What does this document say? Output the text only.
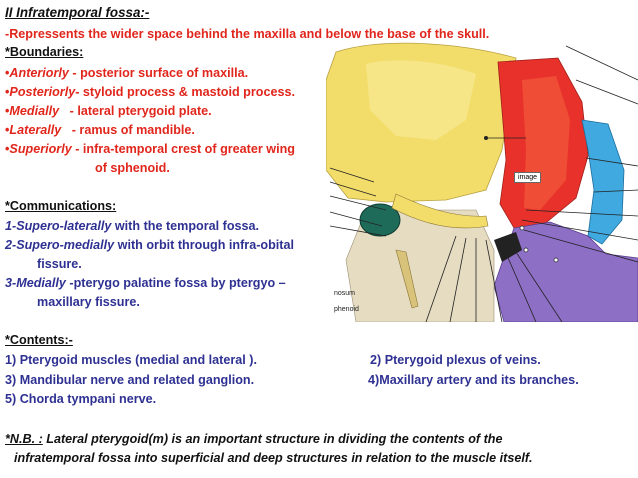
image
nosum
phenoid
II Infratemporal fossa:-
-Repressents the wider space behind the maxilla and below the base of the skull.
*Boundaries:
•Anteriorly - posterior surface of maxilla.
•Posteriorly- styloid process & mastoid process.
•Medially   - lateral pterygoid plate.
•Laterally   - ramus of mandible.
•Superiorly - infra-temporal crest of greater wing
of sphenoid.
*Communications:
1-Supero-laterally with the temporal fossa.
2-Supero-medially with orbit through infra-obital
fissure.
3-Medially -pterygo palatine fossa by ptergyo –
maxillary fissure.
*Contents:-
1) Pterygoid muscles (medial and lateral ).	2) Pterygoid plexus of veins.
3) Mandibular nerve and related ganglion.	4)Maxillary artery and its branches.
5) Chorda tympani nerve.
*N.B. : Lateral pterygoid(m) is an important structure in dividing the contents of the
infratemporal fossa into superficial and deep structures in relation to the muscle itself.
